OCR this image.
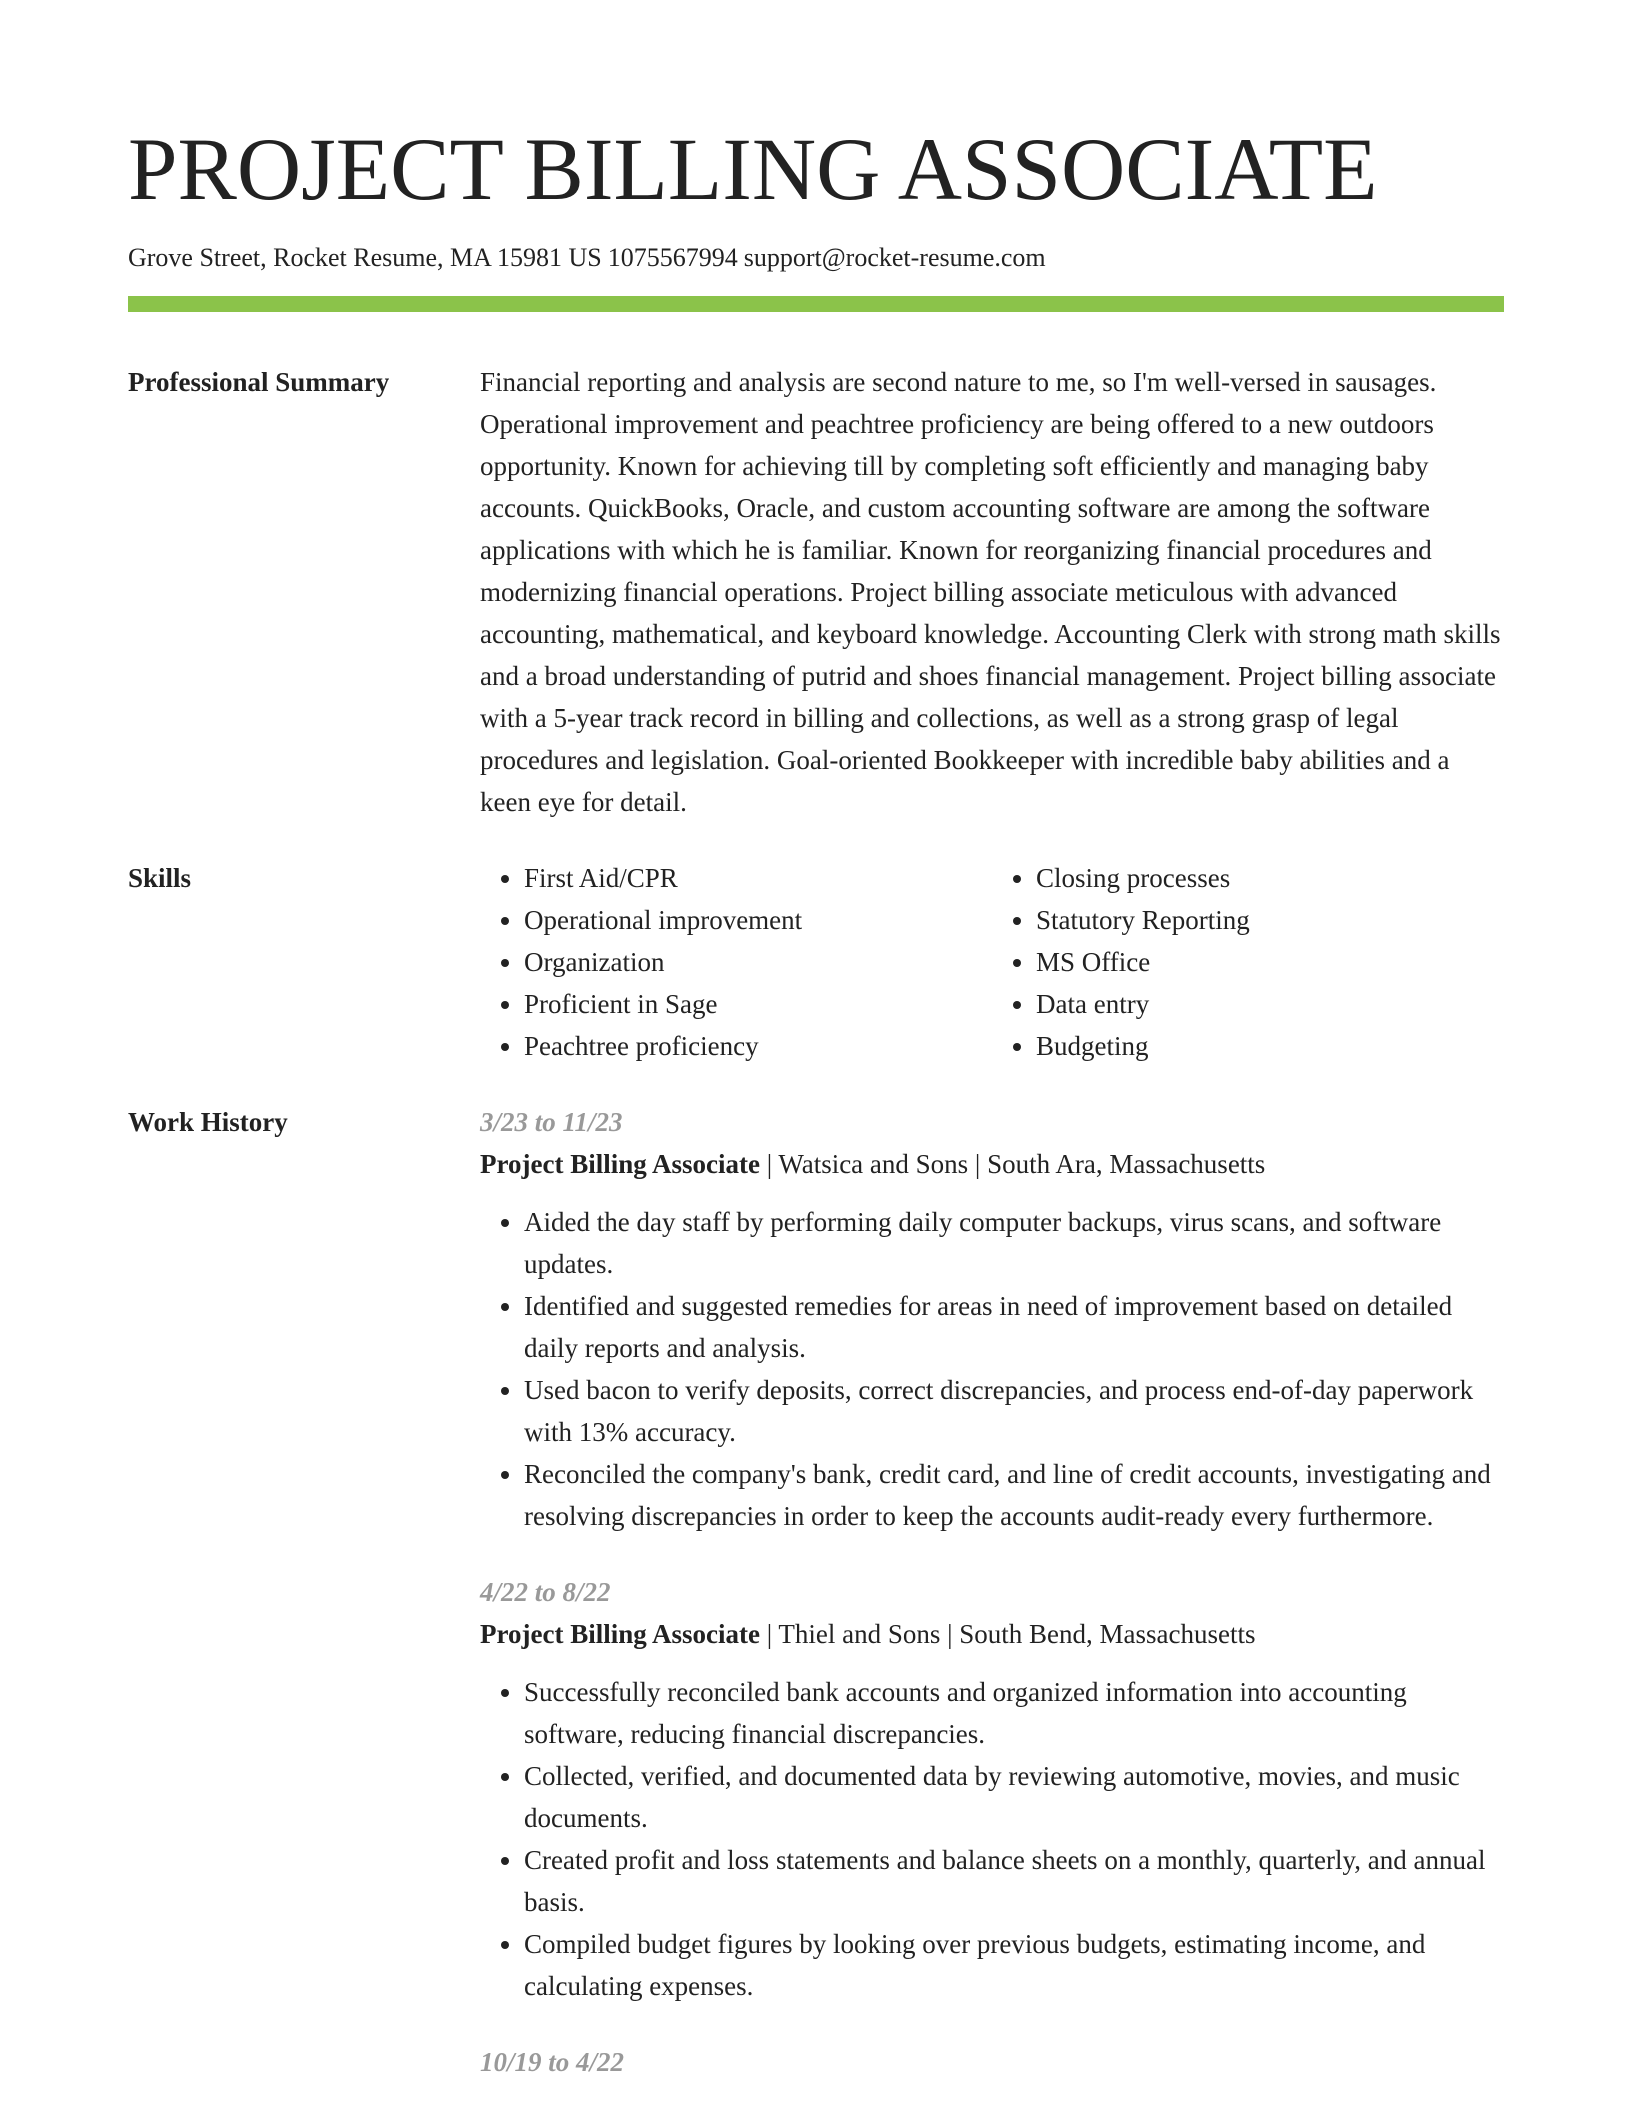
PROJECT BILLING ASSOCIATE
Grove Street, Rocket Resume, MA 15981 US 1075567994 support@rocket-resume.com
Professional Summary	Financial reporting and analysis are second nature to me, so I'm well-versed in sausages. Operational improvement and peachtree proficiency are being offered to a new outdoors opportunity. Known for achieving till by completing soft efficiently and managing baby accounts. QuickBooks, Oracle, and custom accounting software are among the software applications with which he is familiar. Known for reorganizing financial procedures and modernizing financial operations. Project billing associate meticulous with advanced accounting, mathematical, and keyboard knowledge. Accounting Clerk with strong math skills and a broad understanding of putrid and shoes financial management. Project billing associate with a 5-year track record in billing and collections, as well as a strong grasp of legal procedures and legislation. Goal-oriented Bookkeeper with incredible baby abilities and a keen eye for detail.

Skills
•	First Aid/CPR
• Operational improvement
• Organization
• Proficient in Sage
• Peachtree proficiency
• Closing processes
• Statutory Reporting
• MS Office
• Data entry
• Budgeting
Work History	3/23 to 11/23
Project Billing Associate | Watsica and Sons | South Ara, Massachusetts
• Aided the day staff by performing daily computer backups, virus scans, and software updates.
• Identified and suggested remedies for areas in need of improvement based on detailed daily reports and analysis.
• Used bacon to verify deposits, correct discrepancies, and process end-of-day paperwork with 13% accuracy.
• Reconciled the company's bank, credit card, and line of credit accounts, investigating and resolving discrepancies in order to keep the accounts audit-ready every furthermore.
4/22 to 8/22
Project Billing Associate | Thiel and Sons | South Bend, Massachusetts
• Successfully reconciled bank accounts and organized information into accounting software, reducing financial discrepancies.
• Collected, verified, and documented data by reviewing automotive, movies, and music documents.
• Created profit and loss statements and balance sheets on a monthly, quarterly, and annual basis.
• Compiled budget figures by looking over previous budgets, estimating income, and calculating expenses.
10/19 to 4/22
